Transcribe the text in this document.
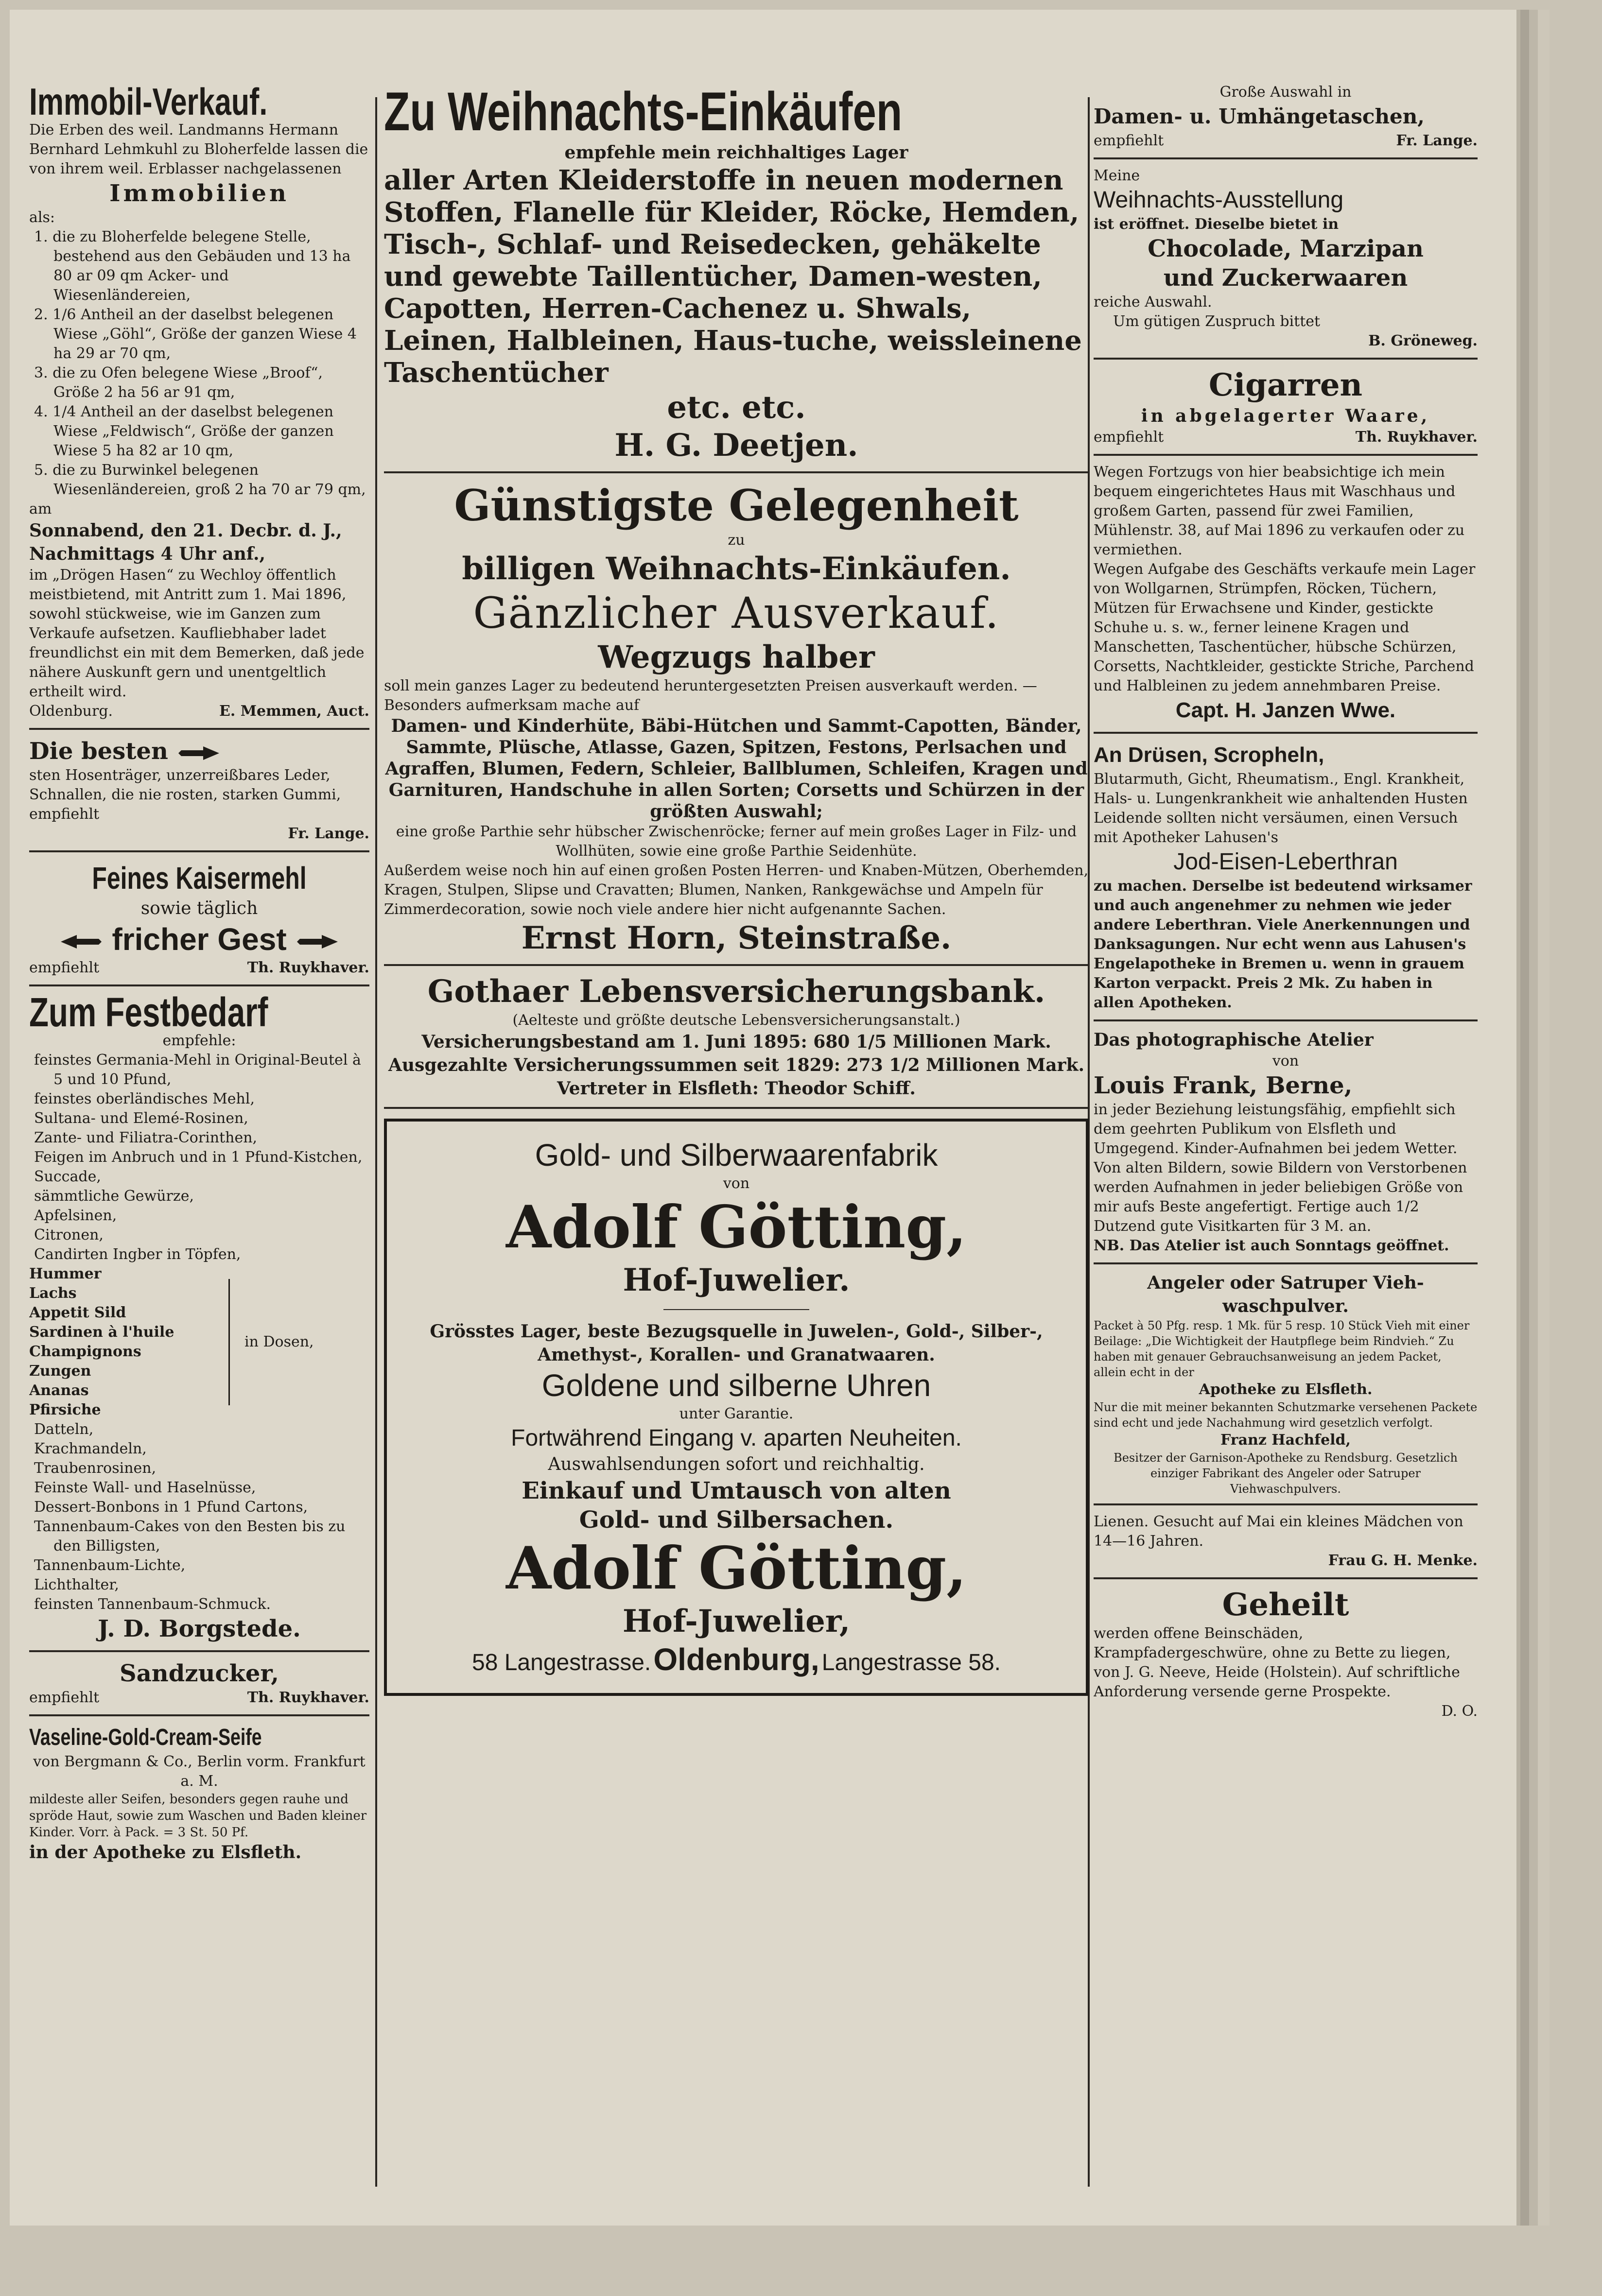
Immobil-Verkauf.

Die Erben des weil. Landmanns Hermann Bernhard Lehmkuhl zu Bloherfelde lassen die von ihrem weil. Erblasser nachgelassenen

Immobilien

als:

1. die zu Bloherfelde belegene Stelle, bestehend aus den Gebäuden und 13 ha 80 ar 09 qm Acker- und Wiesenländereien,

2. 1/6 Antheil an der daselbst belegenen Wiese „Göhl“, Größe der ganzen Wiese 4 ha 29 ar 70 qm,

3. die zu Ofen belegene Wiese „Broof“, Größe 2 ha 56 ar 91 qm,

4. 1/4 Antheil an der daselbst belegenen Wiese „Feldwisch“, Größe der ganzen Wiese 5 ha 82 ar 10 qm,

5. die zu Burwinkel belegenen Wiesenländereien, groß 2 ha 70 ar 79 qm,

am

Sonnabend, den 21. Decbr. d. J.,

Nachmittags 4 Uhr anf.,

im „Drögen Hasen“ zu Wechloy öffentlich meistbietend, mit Antritt zum 1. Mai 1896, sowohl stückweise, wie im Ganzen zum Verkaufe aufsetzen. Kaufliebhaber ladet freundlichst ein mit dem Bemerken, daß jede nähere Auskunft gern und unentgeltlich ertheilt wird.

Oldenburg.	E. Memmen, Auct.

Die besten

sten Hosenträger, unzerreißbares Leder, Schnallen, die nie rosten, starken Gummi, empfiehlt

Fr. Lange.

Feines Kaisermehl

sowie täglich

fricher Gest

empfiehlt	Th. Ruykhaver.

Zum Festbedarf

empfehle:

feinstes Germania-Mehl in Original-Beutel à 5 und 10 Pfund,

feinstes oberländisches Mehl,

Sultana- und Elemé-Rosinen,

Zante- und Filiatra-Corinthen,

Feigen im Anbruch und in 1 Pfund-Kistchen,

Succade,

sämmtliche Gewürze,

Apfelsinen,

Citronen,

Candirten Ingber in Töpfen,

Hummer

Lachs

Appetit Sild

Sardinen à l'huile

Champignons

Zungen

Ananas

Pfirsiche

in Dosen,

Datteln,

Krachmandeln,

Traubenrosinen,

Feinste Wall- und Haselnüsse,

Dessert-Bonbons in 1 Pfund Cartons,

Tannenbaum-Cakes von den Besten bis zu den Billigsten,

Tannenbaum-Lichte,

Lichthalter,

feinsten Tannenbaum-Schmuck.

J. D. Borgstede.

Sandzucker,

empfiehlt	Th. Ruykhaver.

Vaseline-Gold-Cream-Seife

von Bergmann & Co., Berlin vorm. Frankfurt a. M.

mildeste aller Seifen, besonders gegen rauhe und spröde Haut, sowie zum Waschen und Baden kleiner Kinder. Vorr. à Pack. = 3 St. 50 Pf.

in der Apotheke zu Elsfleth.

Zu Weihnachts-Einkäufen

empfehle mein reichhaltiges Lager

aller Arten Kleiderstoffe in neuen modernen Stoffen, Flanelle für Kleider, Röcke, Hemden, Tisch-, Schlaf- und Reisedecken, gehäkelte und gewebte Taillentücher, Damen-westen, Capotten, Herren-Cachenez u. Shwals, Leinen, Halbleinen, Haus-tuche, weissleinene Taschentücher

etc. etc.

H. G. Deetjen.

Günstigste Gelegenheit

zu

billigen Weihnachts-Einkäufen.

Gänzlicher Ausverkauf.

Wegzugs halber

soll mein ganzes Lager zu bedeutend heruntergesetzten Preisen ausverkauft werden. — Besonders aufmerksam mache auf

Damen- und Kinderhüte, Bäbi-Hütchen und Sammt-Capotten, Bänder, Sammte, Plüsche, Atlasse, Gazen, Spitzen, Festons, Perlsachen und Agraffen, Blumen, Federn, Schleier, Ballblumen, Schleifen, Kragen und Garnituren, Handschuhe in allen Sorten; Corsetts und Schürzen in der größten Auswahl;

eine große Parthie sehr hübscher Zwischenröcke; ferner auf mein großes Lager in Filz- und Wollhüten, sowie eine große Parthie Seidenhüte.

Außerdem weise noch hin auf einen großen Posten Herren- und Knaben-Mützen, Oberhemden, Kragen, Stulpen, Slipse und Cravatten; Blumen, Nanken, Rankgewächse und Ampeln für Zimmerdecoration, sowie noch viele andere hier nicht aufgenannte Sachen.

Ernst Horn, Steinstraße.

Gothaer Lebensversicherungsbank.

(Aelteste und größte deutsche Lebensversicherungsanstalt.)

Versicherungsbestand am 1. Juni 1895: 680 1/5 Millionen Mark.

Ausgezahlte Versicherungssummen seit 1829: 273 1/2 Millionen Mark.

Vertreter in Elsfleth: Theodor Schiff.

Gold- und Silberwaarenfabrik

von

Adolf Götting,

Hof-Juwelier.

Grösstes Lager, beste Bezugsquelle in Juwelen-, Gold-, Silber-, Amethyst-, Korallen- und Granatwaaren.

Goldene und silberne Uhren

unter Garantie.

Fortwährend Eingang v. aparten Neuheiten.

Auswahlsendungen sofort und reichhaltig.

Einkauf und Umtausch von alten

Gold- und Silbersachen.

Adolf Götting,

Hof-Juwelier,

58 Langestrasse. Oldenburg, Langestrasse 58.

Große Auswahl in

Damen- u. Umhängetaschen,

empfiehlt	Fr. Lange.

Meine

Weihnachts-Ausstellung

ist eröffnet. Dieselbe bietet in

Chocolade, Marzipan

und Zuckerwaaren

reiche Auswahl.

Um gütigen Zuspruch bittet

B. Gröneweg.

Cigarren

in abgelagerter Waare,

empfiehlt	Th. Ruykhaver.

Wegen Fortzugs von hier beabsichtige ich mein bequem eingerichtetes Haus mit Waschhaus und großem Garten, passend für zwei Familien, Mühlenstr. 38, auf Mai 1896 zu verkaufen oder zu vermiethen.

Wegen Aufgabe des Geschäfts verkaufe mein Lager von Wollgarnen, Strümpfen, Röcken, Tüchern, Mützen für Erwachsene und Kinder, gestickte Schuhe u. s. w., ferner leinene Kragen und Manschetten, Taschentücher, hübsche Schürzen, Corsetts, Nachtkleider, gestickte Striche, Parchend und Halbleinen zu jedem annehmbaren Preise.

Capt. H. Janzen Wwe.

An Drüsen, Scropheln,

Blutarmuth, Gicht, Rheumatism., Engl. Krankheit, Hals- u. Lungenkrankheit wie anhaltenden Husten Leidende sollten nicht versäumen, einen Versuch mit Apotheker Lahusen's

Jod-Eisen-Leberthran

zu machen. Derselbe ist bedeutend wirksamer und auch angenehmer zu nehmen wie jeder andere Leberthran. Viele Anerkennungen und Danksagungen. Nur echt wenn aus Lahusen's Engelapotheke in Bremen u. wenn in grauem Karton verpackt. Preis 2 Mk. Zu haben in allen Apotheken.

Das photographische Atelier

von

Louis Frank, Berne,

in jeder Beziehung leistungsfähig, empfiehlt sich dem geehrten Publikum von Elsfleth und Umgegend. Kinder-Aufnahmen bei jedem Wetter. Von alten Bildern, sowie Bildern von Verstorbenen werden Aufnahmen in jeder beliebigen Größe von mir aufs Beste angefertigt. Fertige auch 1/2 Dutzend gute Visitkarten für 3 M. an.

NB. Das Atelier ist auch Sonntags geöffnet.

Angeler oder Satruper Vieh-waschpulver.

Packet à 50 Pfg. resp. 1 Mk. für 5 resp. 10 Stück Vieh mit einer Beilage: „Die Wichtigkeit der Hautpflege beim Rindvieh.“ Zu haben mit genauer Gebrauchsanweisung an jedem Packet, allein echt in der

Apotheke zu Elsfleth.

Nur die mit meiner bekannten Schutzmarke versehenen Packete sind echt und jede Nachahmung wird gesetzlich verfolgt.

Franz Hachfeld,

Besitzer der Garnison-Apotheke zu Rendsburg. Gesetzlich einziger Fabrikant des Angeler oder Satruper Viehwaschpulvers.

Lienen. Gesucht auf Mai ein kleines Mädchen von 14—16 Jahren.

Frau G. H. Menke.

Geheilt

werden offene Beinschäden, Krampfadergeschwüre, ohne zu Bette zu liegen, von J. G. Neeve, Heide (Holstein). Auf schriftliche Anforderung versende gerne Prospekte.

D. O.
